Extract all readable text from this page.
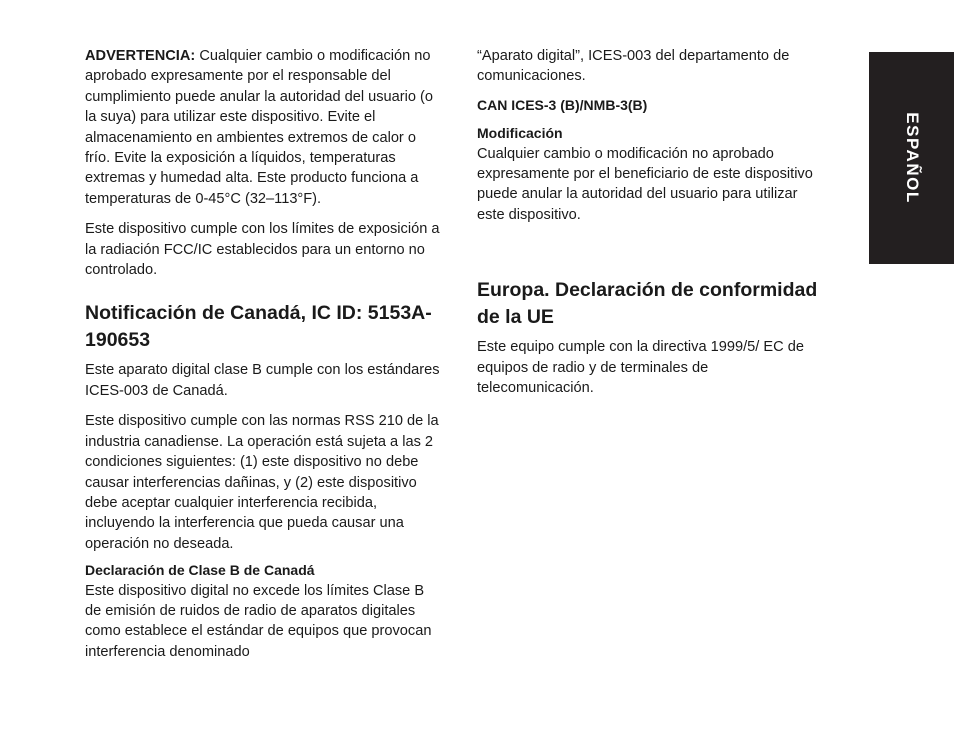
ADVERTENCIA: Cualquier cambio o modificación no aprobado expresamente por el responsable del cumplimiento puede anular la autoridad del usuario (o la suya) para utilizar este dispositivo. Evite el almacenamiento en ambientes extremos de calor o frío. Evite la exposición a líquidos, temperaturas extremas y humedad alta. Este producto funciona a temperaturas de 0-45°C (32–113°F).

Este dispositivo cumple con los límites de exposición a la radiación FCC/IC establecidos para un entorno no controlado.

Notificación de Canadá, IC ID: 5153A-190653

Este aparato digital clase B cumple con los estándares ICES-003 de Canadá.

Este dispositivo cumple con las normas RSS 210 de la industria canadiense. La operación está sujeta a las 2 condiciones siguientes: (1) este dispositivo no debe causar interferencias dañinas, y (2) este dispositivo debe aceptar cualquier interferencia recibida, incluyendo la interferencia que pueda causar una operación no deseada.

Declaración de Clase B de Canadá

Este dispositivo digital no excede los límites Clase B de emisión de ruidos de radio de aparatos digitales como establece el estándar de equipos que provocan interferencia denominado

“Aparato digital”, ICES-003 del departamento de comunicaciones.

CAN ICES-3 (B)/NMB-3(B)

Modificación

Cualquier cambio o modificación no aprobado expresamente por el beneficiario de este dispositivo puede anular la autoridad del usuario para utilizar este dispositivo.

Europa. Declaración de conformidad de la UE

Este equipo cumple con la directiva 1999/5/ EC de equipos de radio y de terminales de telecomunicación.

ESPAÑOL
